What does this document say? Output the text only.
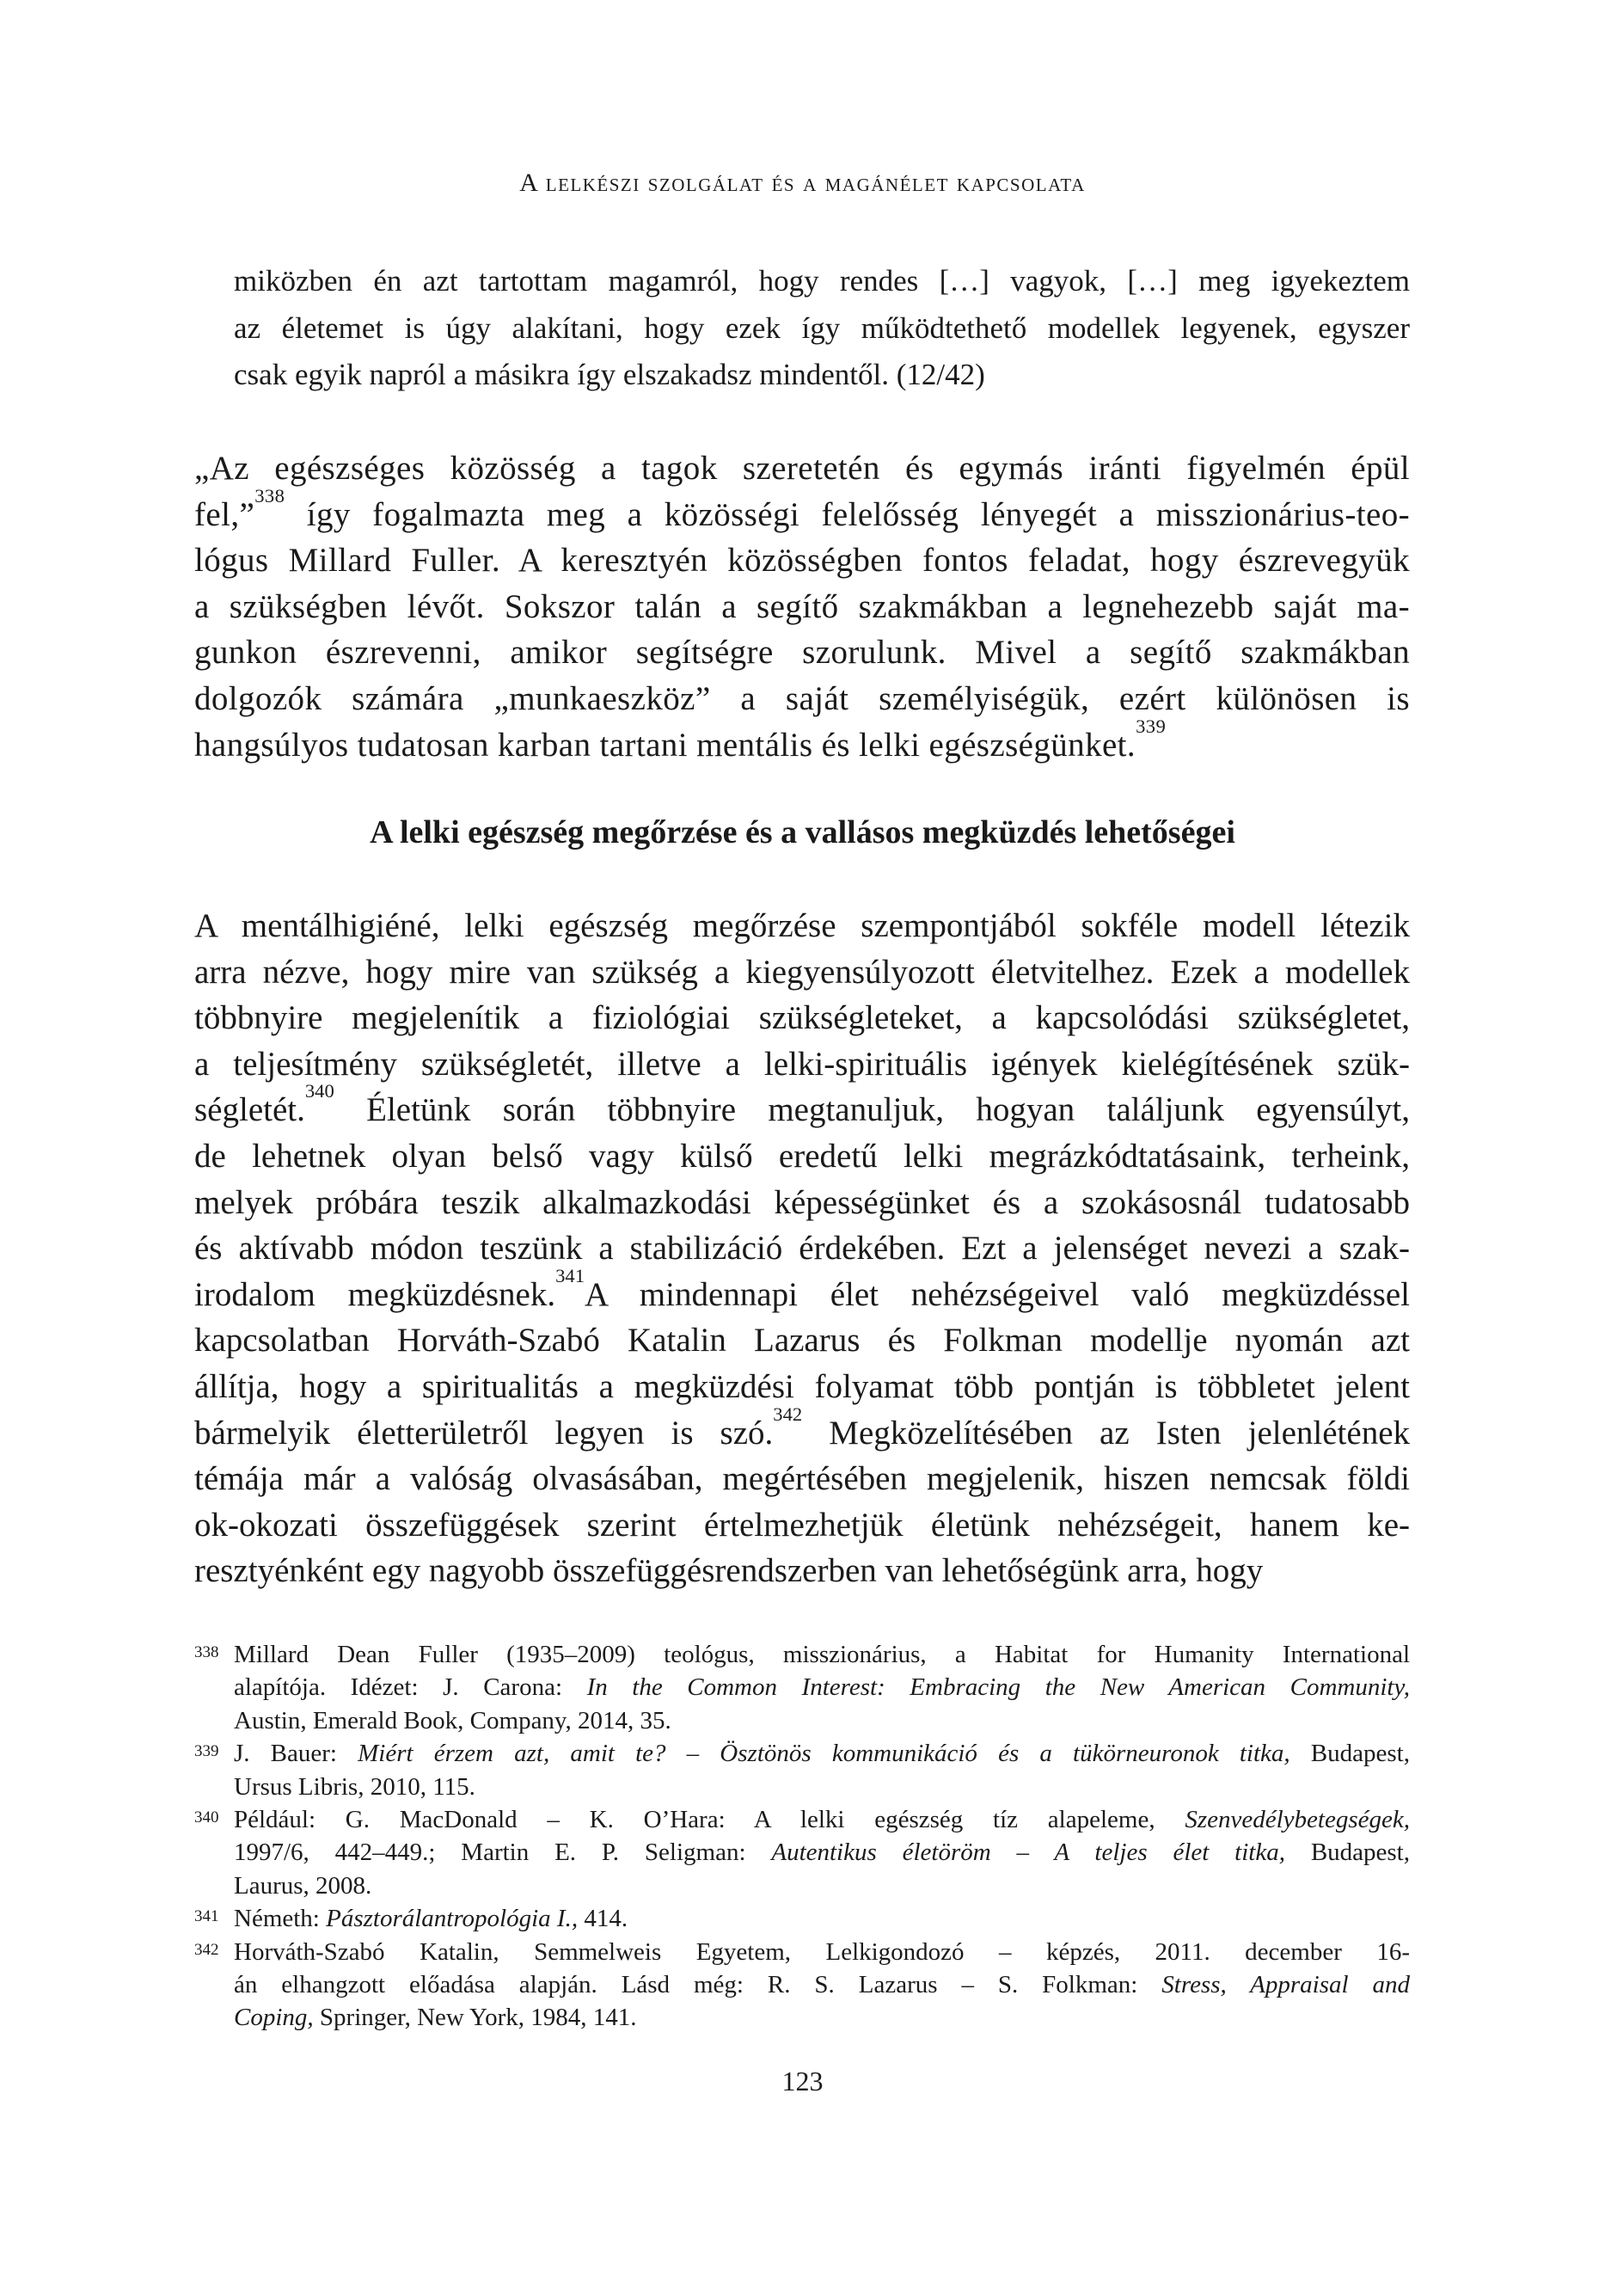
A lelkészi szolgálat és a magánélet kapcsolata
miközben én azt tartottam magamról, hogy rendes […] vagyok, […] meg igyekeztem
az életemet is úgy alakítani, hogy ezek így működtethető modellek legyenek, egyszer
csak egyik napról a másikra így elszakadsz mindentől. (12/42)
„Az egészséges közösség a tagok szeretetén és egymás iránti figyelmén épül
fel,”$^{338}$ így fogalmazta meg a közösségi felelősség lényegét a misszionárius-teo-
lógus Millard Fuller. A keresztyén közösségben fontos feladat, hogy észrevegyük
a szükségben lévőt. Sokszor talán a segítő szakmákban a legnehezebb saját ma-
gunkon észrevenni, amikor segítségre szorulunk. Mivel a segítő szakmákban
dolgozók számára „munkaeszköz” a saját személyiségük, ezért különösen is
hangsúlyos tudatosan karban tartani mentális és lelki egészségünket.$^{339}$
A lelki egészség megőrzése és a vallásos megküzdés lehetőségei
A mentálhigiéné, lelki egészség megőrzése szempontjából sokféle modell létezik
arra nézve, hogy mire van szükség a kiegyensúlyozott életvitelhez. Ezek a modellek
többnyire megjelenítik a fiziológiai szükségleteket, a kapcsolódási szükségletet,
a teljesítmény szükségletét, illetve a lelki-spirituális igények kielégítésének szük-
ségletét.$^{340}$ Életünk során többnyire megtanuljuk, hogyan találjunk egyensúlyt,
de lehetnek olyan belső vagy külső eredetű lelki megrázkódtatásaink, terheink,
melyek próbára teszik alkalmazkodási képességünket és a szokásosnál tudatosabb
és aktívabb módon teszünk a stabilizáció érdekében. Ezt a jelenséget nevezi a szak-
irodalom megküzdésnek.$^{341}$A mindennapi élet nehézségeivel való megküzdéssel
kapcsolatban Horváth-Szabó Katalin Lazarus és Folkman modellje nyomán azt
állítja, hogy a spiritualitás a megküzdési folyamat több pontján is többletet jelent
bármelyik életterületről legyen is szó.$^{342}$ Megközelítésében az Isten jelenlétének
témája már a valóság olvasásában, megértésében megjelenik, hiszen nemcsak földi
ok-okozati összefüggések szerint értelmezhetjük életünk nehézségeit, hanem ke-
resztyénként egy nagyobb összefüggésrendszerben van lehetőségünk arra, hogy
338 Millard Dean Fuller (1935–2009) teológus, misszionárius, a Habitat for Humanity International
alapítója. Idézet: J. Carona: In the Common Interest: Embracing the New American Community,
Austin, Emerald Book, Company, 2014, 35.
339 J. Bauer: Miért érzem azt, amit te? – Ösztönös kommunikáció és a tükörneuronok titka, Budapest,
Ursus Libris, 2010, 115.
340 Például: G. MacDonald – K. O’Hara: A lelki egészség tíz alapeleme, Szenvedélybetegségek,
1997/6, 442–449.; Martin E. P. Seligman: Autentikus életöröm – A teljes élet titka, Budapest,
Laurus, 2008.
341 Németh: Pásztorálantropológia I., 414.
342 Horváth-Szabó Katalin, Semmelweis Egyetem, Lelkigondozó – képzés, 2011. december 16-
án elhangzott előadása alapján. Lásd még: R. S. Lazarus – S. Folkman: Stress, Appraisal and
Coping, Springer, New York, 1984, 141.
123
